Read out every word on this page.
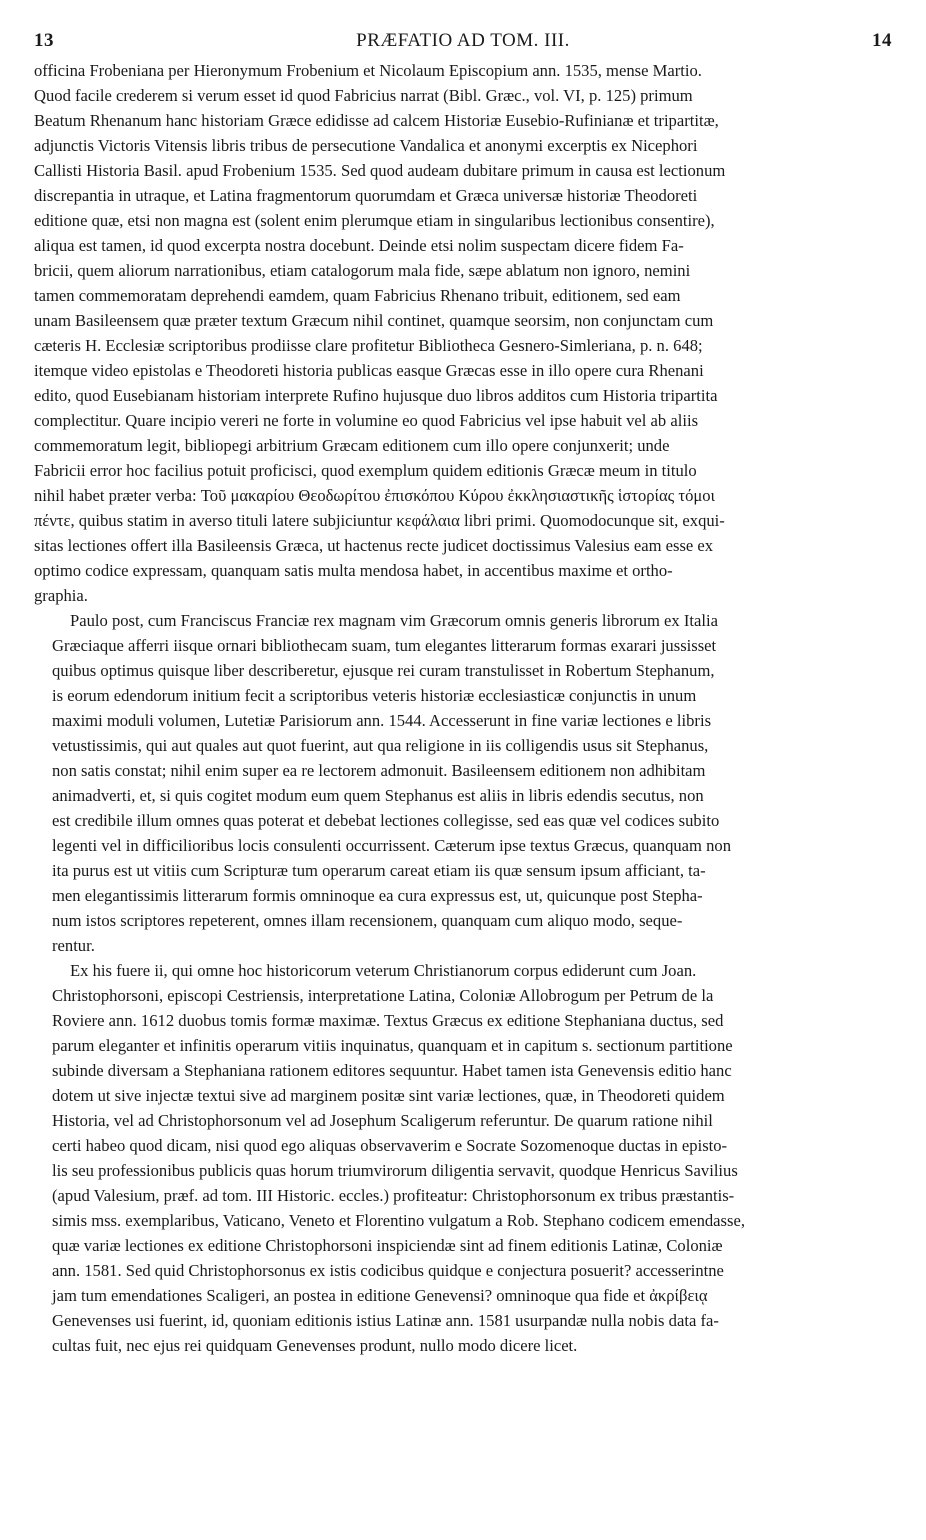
13	PRÆFATIO AD TOM. III.	14
officina Frobeniana per Hieronymum Frobenium et Nicolaum Episcopium ann. 1535, mense Martio.
Quod facile crederem si verum esset id quod Fabricius narrat (Bibl. Græc., vol. VI, p. 125) primum
Beatum Rhenanum hanc historiam Græce edidisse ad calcem Historiæ Eusebio-Rufinianæ et tripartitæ,
adjunctis Victoris Vitensis libris tribus de persecutione Vandalica et anonymi excerptis ex Nicephori
Callisti Historia Basil. apud Frobenium 1535. Sed quod audeam dubitare primum in causa est lectionum
discrepantia in utraque, et Latina fragmentorum quorumdam et Græca universæ historiæ Theodoreti
editione quæ, etsi non magna est (solent enim plerumque etiam in singularibus lectionibus consentire),
aliqua est tamen, id quod excerpta nostra docebunt. Deinde etsi nolim suspectam dicere fidem Fa-
bricii, quem aliorum narrationibus, etiam catalogorum mala fide, sæpe ablatum non ignoro, nemini
tamen commemoratam deprehendi eamdem, quam Fabricius Rhenano tribuit, editionem, sed eam
unam Basileensem quæ præter textum Græcum nihil continet, quamque seorsim, non conjunctam cum
cæteris H. Ecclesiæ scriptoribus prodiisse clare profitetur Bibliotheca Gesnero-Simleriana, p. n. 648;
itemque video epistolas e Theodoreti historia publicas easque Græcas esse in illo opere cura Rhenani
edito, quod Eusebianam historiam interprete Rufino hujusque duo libros additos cum Historia tripartita
complectitur. Quare incipio vereri ne forte in volumine eo quod Fabricius vel ipse habuit vel ab aliis
commemoratum legit, bibliopegi arbitrium Græcam editionem cum illo opere conjunxerit; unde
Fabricii error hoc facilius potuit proficisci, quod exemplum quidem editionis Græcæ meum in titulo
nihil habet præter verba: Τοῦ μακαρίου Θεοδωρίτου ἐπισκόπου Κύρου ἐκκλησιαστικῆς ἱστορίας τόμοι
πέντε, quibus statim in averso tituli latere subjiciuntur κεφάλαια libri primi. Quomodocunque sit, exqui-
sitas lectiones offert illa Basileensis Græca, ut hactenus recte judicet doctissimus Valesius eam esse ex
optimo codice expressam, quanquam satis multa mendosa habet, in accentibus maxime et ortho-
graphia.
Paulo post, cum Franciscus Franciæ rex magnam vim Græcorum omnis generis librorum ex Italia
Græciaque afferri iisque ornari bibliothecam suam, tum elegantes litterarum formas exarari jussisset
quibus optimus quisque liber describeretur, ejusque rei curam transtulisset in Robertum Stephanum,
is eorum edendorum initium fecit a scriptoribus veteris historiæ ecclesiasticæ conjunctis in unum
maximi moduli volumen, Lutetiæ Parisiorum ann. 1544. Accesserunt in fine variæ lectiones e libris
vetustissimis, qui aut quales aut quot fuerint, aut qua religione in iis colligendis usus sit Stephanus,
non satis constat; nihil enim super ea re lectorem admonuit. Basileensem editionem non adhibitam
animadverti, et, si quis cogitet modum eum quem Stephanus est aliis in libris edendis secutus, non
est credibile illum omnes quas poterat et debebat lectiones collegisse, sed eas quæ vel codices subito
legenti vel in difficilioribus locis consulenti occurrissent. Cæterum ipse textus Græcus, quanquam non
ita purus est ut vitiis cum Scripturæ tum operarum careat etiam iis quæ sensum ipsum afficiant, ta-
men elegantissimis litterarum formis omninoque ea cura expressus est, ut, quicunque post Stepha-
num istos scriptores repeterent, omnes illam recensionem, quanquam cum aliquo modo, seque-
rentur.
Ex his fuere ii, qui omne hoc historicorum veterum Christianorum corpus ediderunt cum Joan.
Christophorsoni, episcopi Cestriensis, interpretatione Latina, Coloniæ Allobrogum per Petrum de la
Roviere ann. 1612 duobus tomis formæ maximæ. Textus Græcus ex editione Stephaniana ductus, sed
parum eleganter et infinitis operarum vitiis inquinatus, quanquam et in capitum s. sectionum partitione
subinde diversam a Stephaniana rationem editores sequuntur. Habet tamen ista Genevensis editio hanc
dotem ut sive injectæ textui sive ad marginem positæ sint variæ lectiones, quæ, in Theodoreti quidem
Historia, vel ad Christophorsonum vel ad Josephum Scaligerum referuntur. De quarum ratione nihil
certi habeo quod dicam, nisi quod ego aliquas observaverim e Socrate Sozomenoque ductas in episto-
lis seu professionibus publicis quas horum triumvirorum diligentia servavit, quodque Henricus Savilius
(apud Valesium, præf. ad tom. III Historic. eccles.) profiteatur: Christophorsonum ex tribus præstantis-
simis mss. exemplaribus, Vaticano, Veneto et Florentino vulgatum a Rob. Stephano codicem emendasse,
quæ variæ lectiones ex editione Christophorsoni inspiciendæ sint ad finem editionis Latinæ, Coloniæ
ann. 1581. Sed quid Christophorsonus ex istis codicibus quidque e conjectura posuerit? accesserintne
jam tum emendationes Scaligeri, an postea in editione Genevensi? omninoque qua fide et ἀκρίβειᾳ
Genevenses usi fuerint, id, quoniam editionis istius Latinæ ann. 1581 usurpandæ nulla nobis data fa-
cultas fuit, nec ejus rei quidquam Genevenses produnt, nullo modo dicere licet.
